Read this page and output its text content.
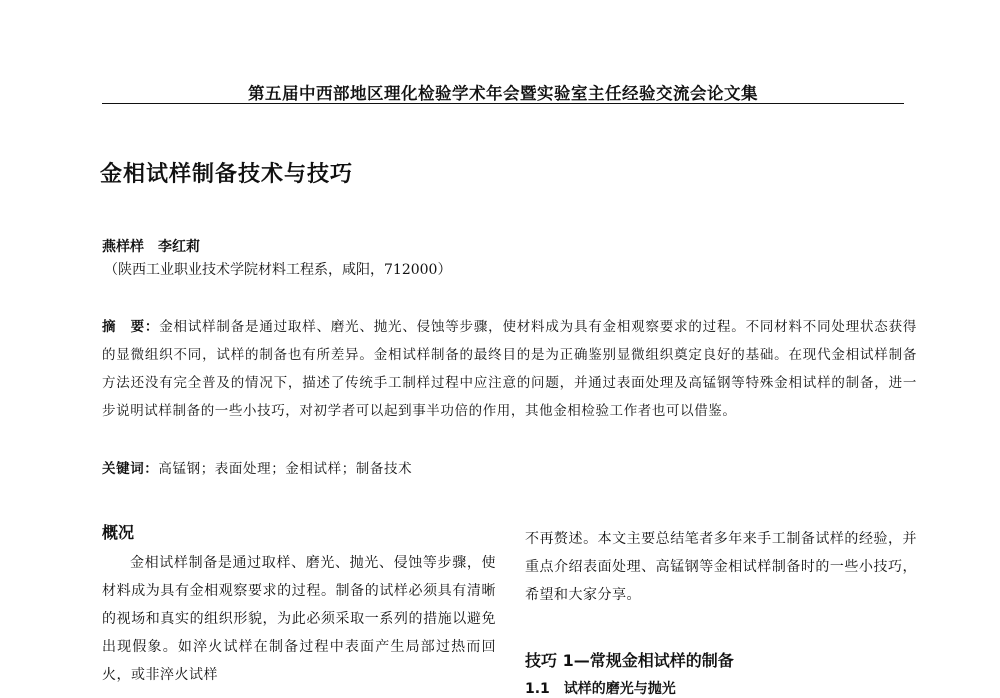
第五届中西部地区理化检验学术年会暨实验室主任经验交流会论文集
金相试样制备技术与技巧
燕样样　李红莉
（陕西工业职业技术学院材料工程系，咸阳，712000）
摘　要：金相试样制备是通过取样、磨光、抛光、侵蚀等步骤，使材料成为具有金相观察要求的过程。不同材料不同处理状态获得的显微组织不同，试样的制备也有所差异。金相试样制备的最终目的是为正确鉴别显微组织奠定良好的基础。在现代金相试样制备方法还没有完全普及的情况下，描述了传统手工制样过程中应注意的问题，并通过表面处理及高锰钢等特殊金相试样的制备，进一步说明试样制备的一些小技巧，对初学者可以起到事半功倍的作用，其他金相检验工作者也可以借鉴。
关键词：高锰钢；表面处理；金相试样；制备技术
概况

金相试样制备是通过取样、磨光、抛光、侵蚀等步骤，使材料成为具有金相观察要求的过程。制备的试样必须具有清晰的视场和真实的组织形貌，为此必须采取一系列的措施以避免出现假象。如淬火试样在制备过程中表面产生局部过热而回火，或非淬火试样

不再赘述。本文主要总结笔者多年来手工制备试样的经验，并重点介绍表面处理、高锰钢等金相试样制备时的一些小技巧，希望和大家分享。

技巧 1—常规金相试样的制备
1.1　试样的磨光与抛光
